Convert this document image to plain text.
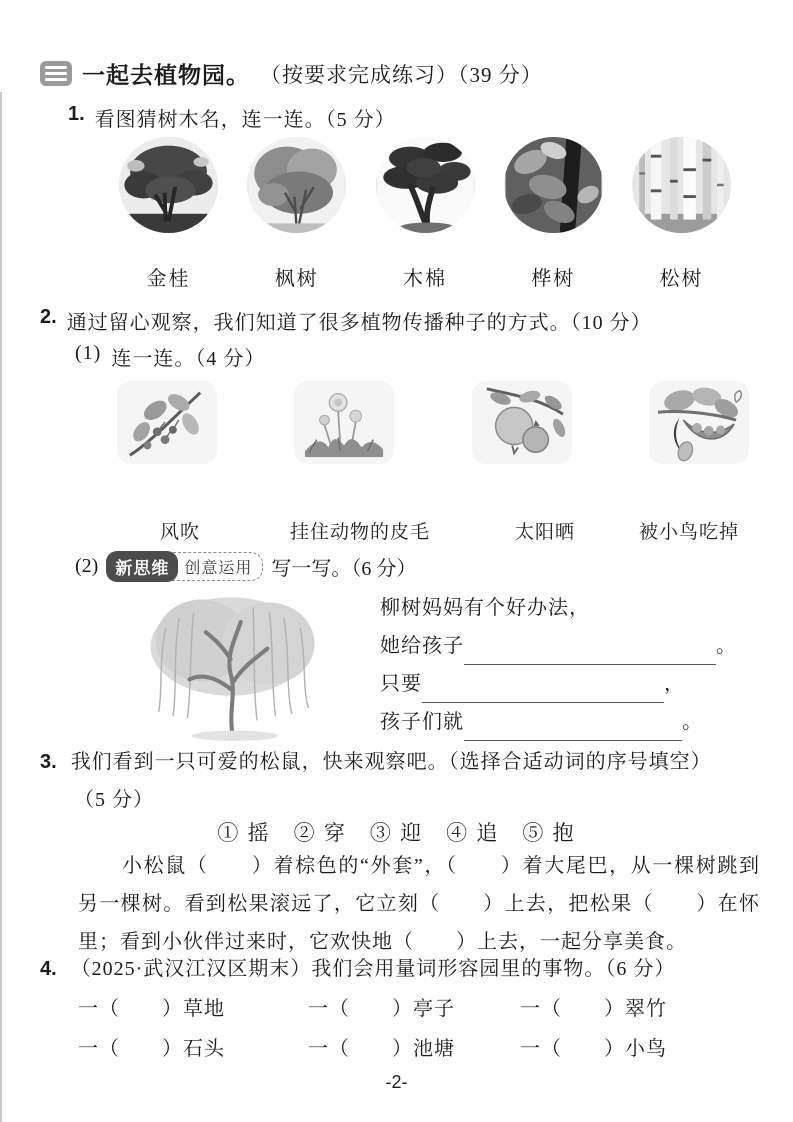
一起去植物园。 （按要求完成练习）（39 分）
1. 看图猜树木名，连一连。（5 分）
金桂	枫树	木棉	桦树	松树
2. 通过留心观察，我们知道了很多植物传播种子的方式。（10 分）
(1) 连一连。（4 分）
风吹	挂住动物的皮毛	太阳晒	被小鸟吃掉
(2)	新思维 创意运用 写一写。（6 分）
柳树妈妈有个好办法，
她给孩子	。
只要	，
孩子们就	。
3. 我们看到一只可爱的松鼠，快来观察吧。（选择合适动词的序号填空）
（5 分）
① 摇　② 穿　③ 迎　④ 追　⑤ 抱
小松鼠（　　）着棕色的“外套”，（　　）着大尾巴，从一棵树跳到另一棵树。看到松果滚远了，它立刻（　　）上去，把松果（　　）在怀里；看到小伙伴过来时，它欢快地（　　）上去，一起分享美食。
4. （2025·武汉江汉区期末）我们会用量词形容园里的事物。（6 分）
一（　　）草地	一（　　）亭子	一（　　）翠竹
一（　　）石头	一（　　）池塘	一（　　）小鸟
-2-
